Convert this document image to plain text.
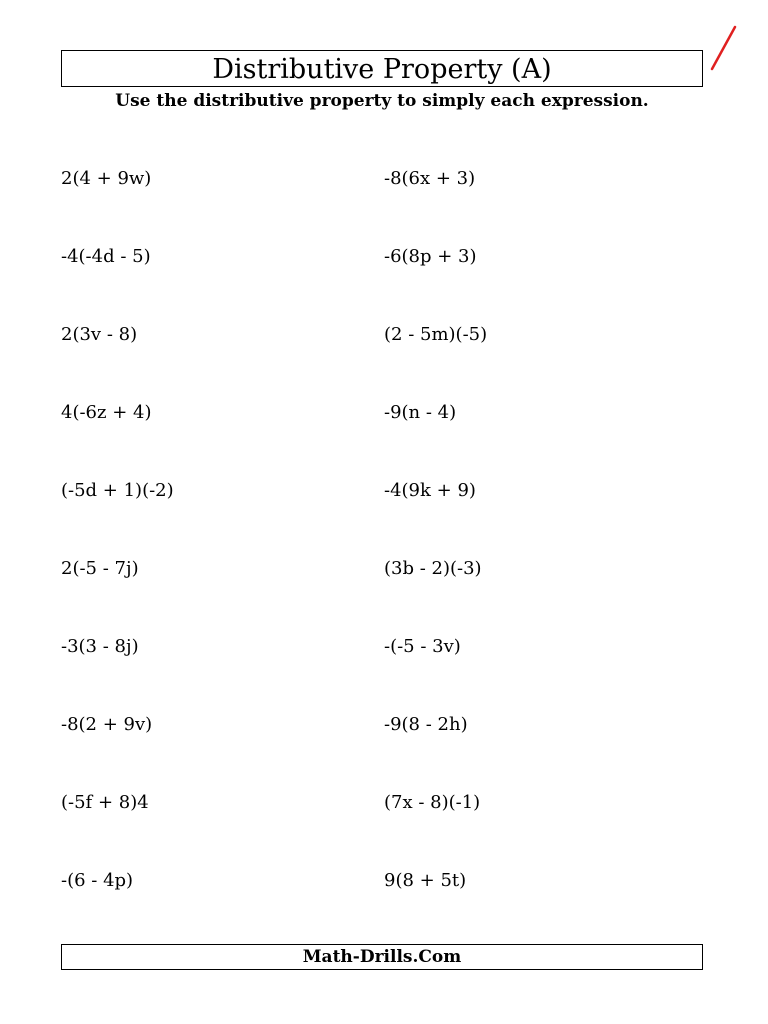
Distributive Property (A)
Use the distributive property to simply each expression.
2(4 + 9w)
-4(-4d - 5)
2(3v - 8)
4(-6z + 4)
(-5d + 1)(-2)
2(-5 - 7j)
-3(3 - 8j)
-8(2 + 9v)
(-5f + 8)4
-(6 - 4p)
-8(6x + 3)
-6(8p + 3)
(2 - 5m)(-5)
-9(n - 4)
-4(9k + 9)
(3b - 2)(-3)
-(-5 - 3v)
-9(8 - 2h)
(7x - 8)(-1)
9(8 + 5t)
Math-Drills.Com
